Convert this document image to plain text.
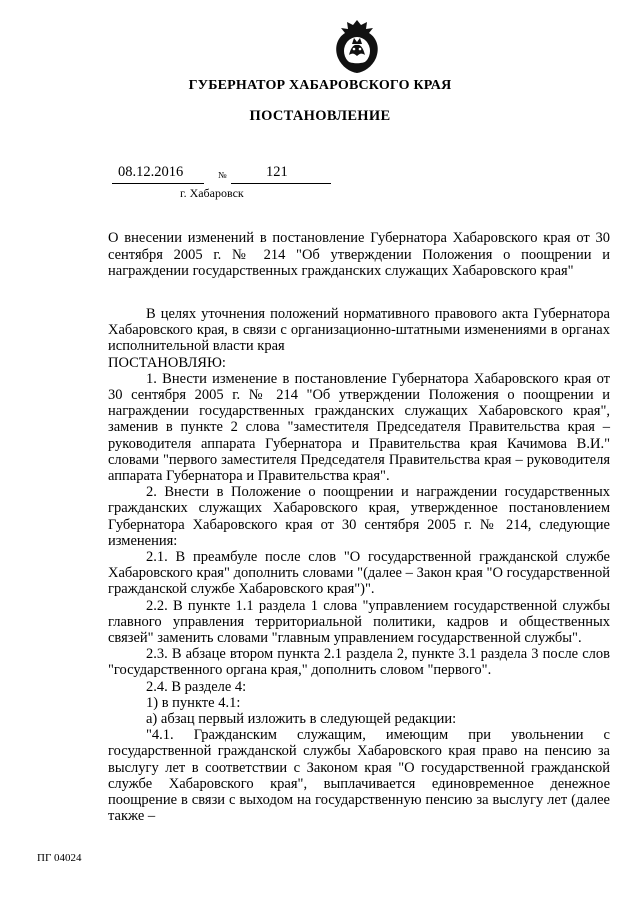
ГУБЕРНАТОР ХАБАРОВСКОГО КРАЯ
ПОСТАНОВЛЕНИЕ
08.12.2016	№	121
г. Хабаровск
О внесении изменений в постановление Губернатора Хабаровского края от 30 сентября 2005 г. № 214 "Об утверждении Положения о поощрении и награждении государственных гражданских служащих Хабаровского края"

В целях уточнения положений нормативного правового акта Губернатора Хабаровского края, в связи с организационно-штатными изменениями в органах исполнительной власти края

ПОСТАНОВЛЯЮ:

1. Внести изменение в постановление Губернатора Хабаровского края от 30 сентября 2005 г. № 214 "Об утверждении Положения о поощрении и награждении государственных гражданских служащих Хабаровского края", заменив в пункте 2 слова "заместителя Председателя Правительства края – руководителя аппарата Губернатора и Правительства края Качимова В.И." словами "первого заместителя Председателя Правительства края – руководителя аппарата Губернатора и Правительства края".

2. Внести в Положение о поощрении и награждении государственных гражданских служащих Хабаровского края, утвержденное постановлением Губернатора Хабаровского края от 30 сентября 2005 г. № 214, следующие изменения:

2.1. В преамбуле после слов "О государственной гражданской службе Хабаровского края" дополнить словами "(далее – Закон края "О государственной гражданской службе Хабаровского края")".

2.2. В пункте 1.1 раздела 1 слова "управлением государственной службы главного управления территориальной политики, кадров и общественных связей" заменить словами "главным управлением государственной службы".

2.3. В абзаце втором пункта 2.1 раздела 2, пункте 3.1 раздела 3 после слов "государственного органа края," дополнить словом "первого".

2.4. В разделе 4:

1) в пункте 4.1:

а) абзац первый изложить в следующей редакции:

"4.1. Гражданским служащим, имеющим при увольнении с государственной гражданской службы Хабаровского края право на пенсию за выслугу лет в соответствии с Законом края "О государственной гражданской службе Хабаровского края", выплачивается единовременное денежное поощрение в связи с выходом на государственную пенсию за выслугу лет (далее также –

ПГ 04024
